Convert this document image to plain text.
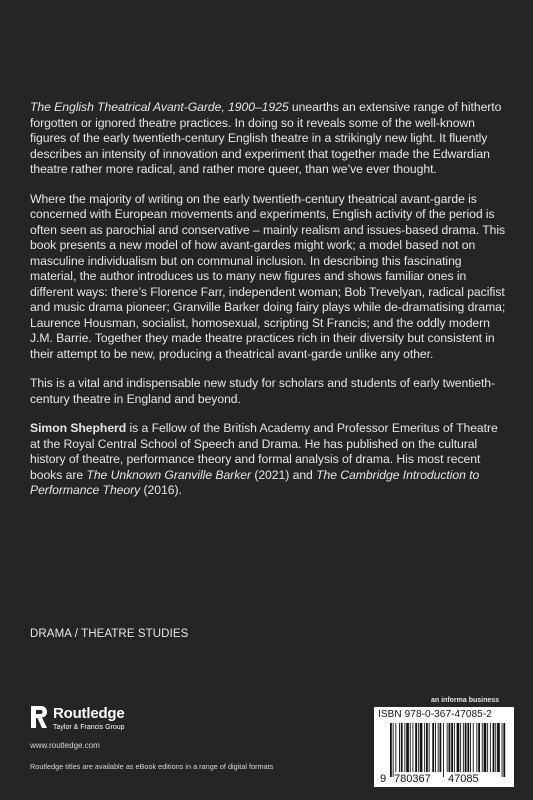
The English Theatrical Avant-Garde, 1900–1925 unearths an extensive range of hitherto forgotten or ignored theatre practices. In doing so it reveals some of the well-known figures of the early twentieth-century English theatre in a strikingly new light. It fluently describes an intensity of innovation and experiment that together made the Edwardian theatre rather more radical, and rather more queer, than we’ve ever thought.

Where the majority of writing on the early twentieth-century theatrical avant-garde is concerned with European movements and experiments, English activity of the period is often seen as parochial and conservative – mainly realism and issues-based drama. This book presents a new model of how avant-gardes might work; a model based not on masculine individualism but on communal inclusion. In describing this fascinating material, the author introduces us to many new figures and shows familiar ones in different ways: there’s Florence Farr, independent woman; Bob Trevelyan, radical pacifist and music drama pioneer; Granville Barker doing fairy plays while de-dramatising drama; Laurence Housman, socialist, homosexual, scripting St Francis; and the oddly modern J.M. Barrie. Together they made theatre practices rich in their diversity but consistent in their attempt to be new, producing a theatrical avant-garde unlike any other.

This is a vital and indispensable new study for scholars and students of early twentieth-century theatre in England and beyond.

Simon Shepherd is a Fellow of the British Academy and Professor Emeritus of Theatre at the Royal Central School of Speech and Drama. He has published on the cultural history of theatre, performance theory and formal analysis of drama. His most recent books are The Unknown Granville Barker (2021) and The Cambridge Introduction to Performance Theory (2016).

DRAMA / THEATRE STUDIES
Routledge
Taylor & Francis Group
www.routledge.com
Routledge titles are available as eBook editions in a range of digital formats
an informa business
ISBN 978-0-367-47085-2
9 780367 47085
